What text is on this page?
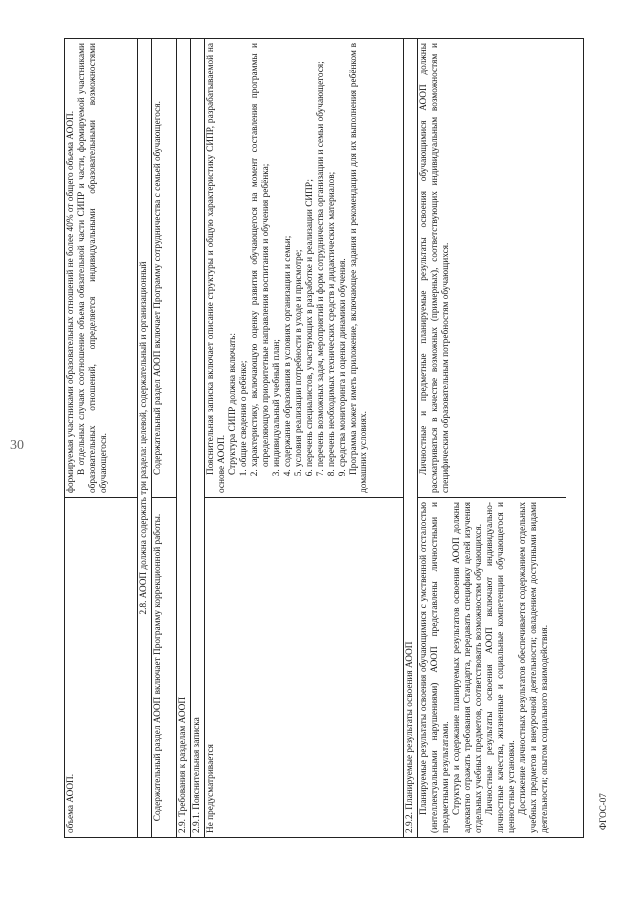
30
ФГОС-07

объема АООП.

формируемая участниками образовательных отношений не более 40% от общего объема АООП. В отдельных случаях соотношение объема обязательной части СИПР и части, формируемой участниками образовательных отношений, определяется индивидуальными образовательными возможностями обучающегося.	2.8. АООП должна содержать три раздела: целевой, содержательный и организационный

Содержательный раздел АООП включает Программу коррекционной работы.

Содержательный раздел АООП включает Программу сотрудничества с семьей обучающегося.

2.9. Требования к разделам АООП 2.9.1. Пояснительная записка Не предусматривается

Пояснительная записка включает описание структуры и общую характеристику СИПР, разрабатываемой на основе АООП. Структура СИПР должна включать: 1. общие сведения о ребёнке; 2. характеристику, включающую оценку развития обучающегося на момент составления программы и определяющую приоритетные направления воспитания и обучения ребёнка; 3. индивидуальный учебный план; 4. содержание образования в условиях организации и семьи; 5. условия реализации потребности в уходе и присмотре; 6. перечень специалистов, участвующих в разработке и реализации СИПР; 7. перечень возможных задач, мероприятий и форм сотрудничества организации и семьи обучающегося; 8. перечень необходимых технических средств и дидактических материалов; 9. средства мониторинга и оценки динамики обучения. Программа может иметь приложение, включающее задания и рекомендации для их выполнения ребёнком в домашних условиях.

2.9.2. Планируемые результаты освоения АООП Планируемые результаты освоения обучающимися с умственной отсталостью (интеллектуальными нарушениями) АООП представлены личностными и предметными результатами. Структура и содержание планируемых результатов освоения АООП должны адекватно отражать требования Стандарта, передавать специфику целей изучения отдельных учебных предметов, соответствовать возможностям обучающихся. Личностные результаты освоения АООП включают индивидуально-личностные качества, жизненные и социальные компетенции обучающегося и ценностные установки. Достижение личностных результатов обеспечивается содержанием отдельных учебных предметов и внеурочной деятельности; овладением доступными видами деятельности; опытом социального взаимодействия.

Личностные и предметные планируемые результаты освоения обучающимися АООП должны рассматриваться в качестве возможных (примерных), соответствующих индивидуальным возможностям и специфическим образовательным потребностям обучающихся.
